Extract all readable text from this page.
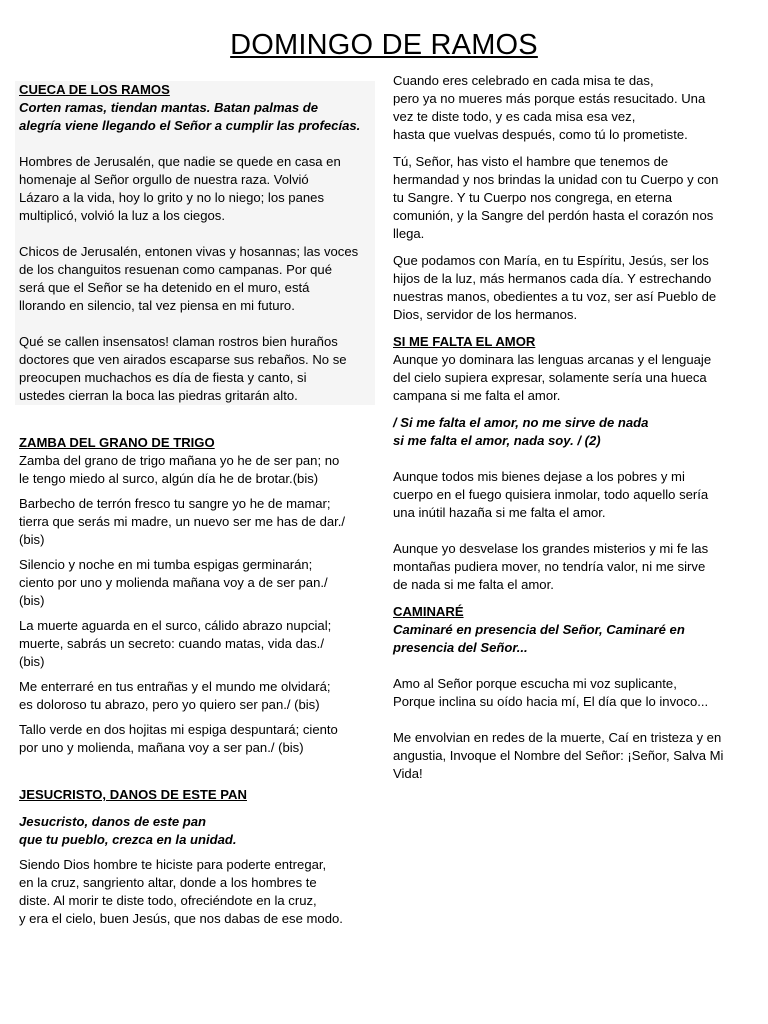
DOMINGO DE RAMOS

CUECA DE LOS RAMOS

Corten ramas, tiendan mantas. Batan palmas de
alegría viene llegando el Señor a cumplir las profecías.

Hombres de Jerusalén, que nadie se quede en casa en
homenaje al Señor orgullo de nuestra raza. Volvió
Lázaro a la vida, hoy lo grito y no lo niego; los panes
multiplicó, volvió la luz a los ciegos.

Chicos de Jerusalén, entonen vivas y hosannas; las voces
de los changuitos resuenan como campanas. Por qué
será que el Señor se ha detenido en el muro, está
llorando en silencio, tal vez piensa en mi futuro.

Qué se callen insensatos! claman rostros bien huraños
doctores que ven airados escaparse sus rebaños. No se
preocupen muchachos es día de fiesta y canto, si
ustedes cierran la boca las piedras gritarán alto.

ZAMBA DEL GRANO DE TRIGO

Zamba del grano de trigo mañana yo he de ser pan; no
le tengo miedo al surco, algún día he de brotar.(bis)

Barbecho de terrón fresco tu sangre yo he de mamar;
tierra que serás mi madre, un nuevo ser me has de dar./
(bis)

Silencio y noche en mi tumba espigas germinarán;
ciento por uno y molienda mañana voy a de ser pan./
(bis)

La muerte aguarda en el surco, cálido abrazo nupcial;
muerte, sabrás un secreto: cuando matas, vida das./
(bis)

Me enterraré en tus entrañas y el mundo me olvidará;
es doloroso tu abrazo, pero yo quiero ser pan./ (bis)

Tallo verde en dos hojitas mi espiga despuntará; ciento
por uno y molienda, mañana voy a ser pan./ (bis)

JESUCRISTO, DANOS DE ESTE PAN

Jesucristo, danos de este pan
que tu pueblo, crezca en la unidad.

Siendo Dios hombre te hiciste para poderte entregar,
en la cruz, sangriento altar, donde a los hombres te
diste. Al morir te diste todo, ofreciéndote en la cruz,
y era el cielo, buen Jesús, que nos dabas de ese modo.

Cuando eres celebrado en cada misa te das,
pero ya no mueres más porque estás resucitado. Una
vez te diste todo, y es cada misa esa vez,
hasta que vuelvas después, como tú lo prometiste.

Tú, Señor, has visto el hambre que tenemos de
hermandad y nos brindas la unidad con tu Cuerpo y con
tu Sangre. Y tu Cuerpo nos congrega, en eterna
comunión, y la Sangre del perdón hasta el corazón nos
llega.

Que podamos con María, en tu Espíritu, Jesús, ser los
hijos de la luz, más hermanos cada día. Y estrechando
nuestras manos, obedientes a tu voz, ser así Pueblo de
Dios, servidor de los hermanos.

SI ME FALTA EL AMOR

Aunque yo dominara las lenguas arcanas y el lenguaje
del cielo supiera expresar, solamente sería una hueca
campana si me falta el amor.

/ Si me falta el amor, no me sirve de nada
si me falta el amor, nada soy. / (2)

Aunque todos mis bienes dejase a los pobres y mi
cuerpo en el fuego quisiera inmolar, todo aquello sería
una inútil hazaña si me falta el amor.

Aunque yo desvelase los grandes misterios y mi fe las
montañas pudiera mover, no tendría valor, ni me sirve
de nada si me falta el amor.

CAMINARÉ

Caminaré en presencia del Señor, Caminaré en
presencia del Señor...

Amo al Señor porque escucha mi voz suplicante,
Porque inclina su oído hacia mí, El día que lo invoco...

Me envolvian en redes de la muerte, Caí en tristeza y en
angustia, Invoque el Nombre del Señor: ¡Señor, Salva Mi
Vida!
